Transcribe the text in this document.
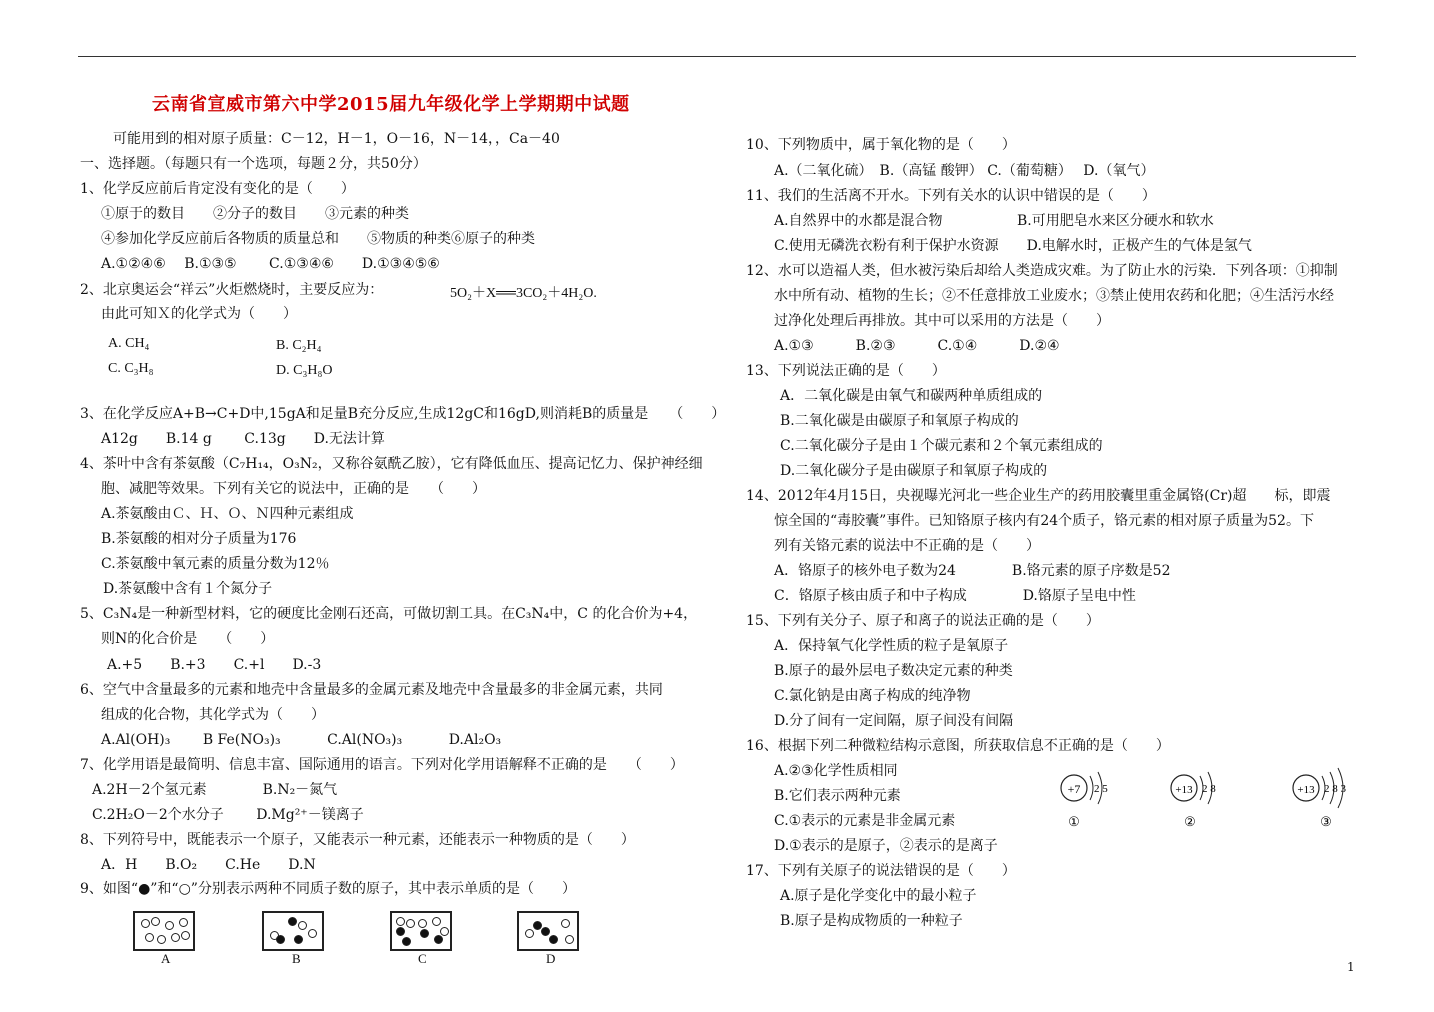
云南省宣威市第六中学2015届九年级化学上学期期中试题
可能用到的相对原子质量：C－12，H－1，O－16，N－14，，Ca－40
一、选择题。（每题只有一个选项，每题２分，共50分）
1、化学反应前后肯定没有变化的是（　　）
①原于的数目　　②分子的数目　　③元素的种类
④参加化学反应前后各物质的质量总和　　⑤物质的种类⑥原子的种类
A.①②④⑥　 B.①③⑤　　 C.①③④⑥　　D.①③④⑤⑥
2、北京奥运会“祥云”火炬燃烧时，主要反应为：	5O₂＋X══3CO₂＋4H₂O.
由此可知Ｘ的化学式为（　　）
A. CH₄	B. C₂H₄
C. C₃H₈	D. C₃H₈O
3、在化学反应A+B→C+D中,15gA和足量B充分反应,生成12gC和16gD,则消耗B的质量是　　（　　）
A12g　　B.14 g　　 C.13g　　D.无法计算
4、茶叶中含有茶氨酸（C₇H₁₄，O₃N₂，又称谷氨酰乙胺），它有降低血压、提高记忆力、保护神经细
胞、减肥等效果。下列有关它的说法中，正确的是　　（　　）
A.茶氨酸由Ｃ、Ｈ、Ｏ、Ｎ四种元素组成
B.茶氨酸的相对分子质量为176
C.茶氨酸中氧元素的质量分数为12％
D.茶氨酸中含有１个氮分子
5、C₃N₄是一种新型材料，它的硬度比金刚石还高，可做切割工具。在C₃N₄中，C 的化合价为+4，
则N的化合价是　　（　　）
A.+5　　B.+3　　C.+l　　D.-3
6、空气中含量最多的元素和地壳中含量最多的金属元素及地壳中含量最多的非金属元素，共同
组成的化合物，其化学式为（　　）
A.Al(OH)₃　　 B Fe(NO₃)₃　　　 C.Al(NO₃)₃　　　 D.Al₂O₃
7、化学用语是最简明、信息丰富、国际通用的语言。下列对化学用语解释不正确的是　　（　　）
A.2H－2个氢元素　　　　B.N₂－氮气
C.2H₂O－2个水分子　　 D.Mg²⁺－镁离子
8、下列符号中，既能表示一个原子，又能表示一种元素，还能表示一种物质的是（　　）
A．H　　B.O₂　　C.He　　D.N
9、如图“●”和“○”分别表示两种不同质子数的原子，其中表示单质的是（　　）
A	B	C	D
10、下列物质中，属于氧化物的是（　　）
A.（二氧化硫）　B.（高锰 酸钾） C.（葡萄糖）　 D.（氧气）
11、我们的生活离不开水。下列有关水的认识中错误的是（　　）
A.自然界中的水都是混合物　　　　　 B.可用肥皂水来区分硬水和软水
C.使用无磷洗衣粉有利于保护水资源　　D.电解水时，正极产生的气体是氢气
12、水可以造福人类，但水被污染后却给人类造成灾难。为了防止水的污染．下列各项：①抑制
水中所有动、植物的生长；②不任意排放工业废水；③禁止使用农药和化肥；④生活污水经
过净化处理后再排放。其中可以采用的方法是（　　）
A.①③　　　B.②③　　　C.①④　　　D.②④
13、下列说法正确的是（　　）
A．二氧化碳是由氧气和碳两种单质组成的
B.二氧化碳是由碳原子和氧原子构成的
C.二氧化碳分子是由１个碳元素和２个氧元素组成的
D.二氧化碳分子是由碳原子和氧原子构成的
14、2012年4月15日，央视曝光河北一些企业生产的药用胶囊里重金属铬(Cr)超　　标，即震
惊全国的“毒胶囊”事件。已知铬原子核内有24个质子，铬元素的相对原子质量为52。下
列有关铬元素的说法中不正确的是（　　）
A．铬原子的核外电子数为24　　　　B.铬元素的原子序数是52
C．铬原子核由质子和中子构成　　　　D.铬原子呈电中性
15、下列有关分子、原子和离子的说法正确的是（　　）
A．保持氧气化学性质的粒子是氧原子
B.原子的最外层电子数决定元素的种类
C.氯化钠是由离子构成的纯净物
D.分了间有一定间隔，原子间没有间隔
16、根据下列二种微粒结构示意图，所获取信息不正确的是（　　）
A.②③化学性质相同
B.它们表示两种元素
C.①表示的元素是非金属元素
D.①表示的是原子，②表示的是离子
+7 2 5
①
+13 2 8
②
+13 2 8 3
③
17、下列有关原子的说法错误的是（　　）
A.原子是化学变化中的最小粒子
B.原子是构成物质的一种粒子
1
